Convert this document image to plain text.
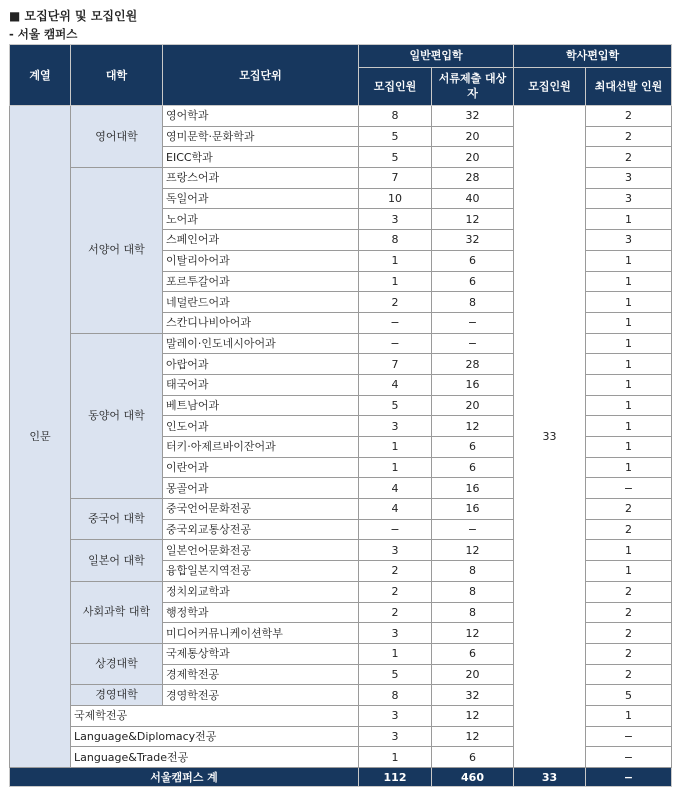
■ 모집단위 및 모집인원
- 서울 캠퍼스
계열	대학	모집단위	일반편입학		학사편입학	
			모집인원	서류제출 대상자	모집인원	최대선발 인원
인문	영어대학	영어학과	8	32	33	2
		영미문학·문화학과	5	20		2
		EICC학과	5	20		2
	서양어 대학	프랑스어과	7	28		3
		독일어과	10	40		3
		노어과	3	12		1
		스페인어과	8	32		3
		이탈리아어과	1	6		1
		포르투갈어과	1	6		1
		네덜란드어과	2	8		1
		스칸디나비아어과	−	−		1
	동양어 대학	말레이·인도네시아어과	−	−		1
		아랍어과	7	28		1
		태국어과	4	16		1
		베트남어과	5	20		1
		인도어과	3	12		1
		터키·아제르바이잔어과	1	6		1
		이란어과	1	6		1
		몽골어과	4	16		−
	중국어 대학	중국언어문화전공	4	16		2
		중국외교통상전공	−	−		2
	일본어 대학	일본언어문화전공	3	12		1
		융합일본지역전공	2	8		1
	사회과학 대학	정치외교학과	2	8		2
		행정학과	2	8		2
		미디어커뮤니케이션학부	3	12		2
	상경대학	국제통상학과	1	6		2
		경제학전공	5	20		2
	경영대학	경영학전공	8	32		5
	국제학전공		3	12		1
	Language&Diplomacy전공		3	12		−
	Language&Trade전공		1	6		−
서울캠퍼스 계			112	460	33	−
